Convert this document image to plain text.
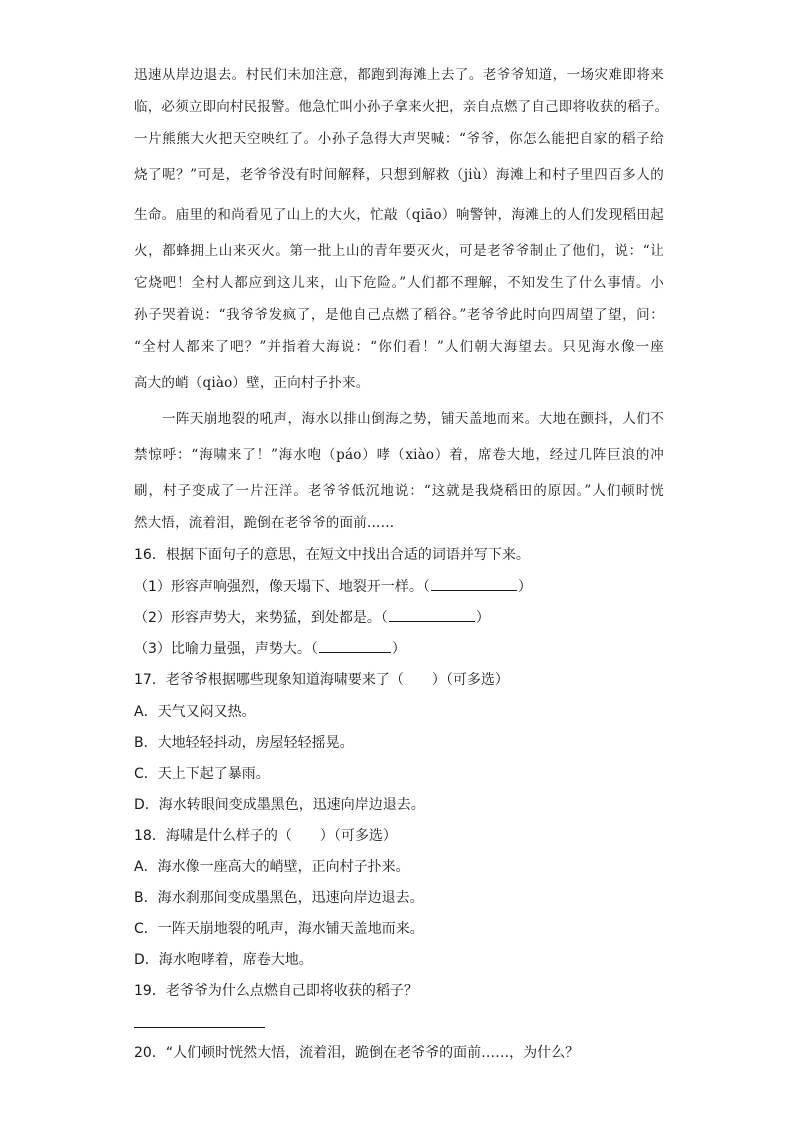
迅速从岸边退去。村民们未加注意，都跑到海滩上去了。老爷爷知道，一场灾难即将来
临，必须立即向村民报警。他急忙叫小孙子拿来火把，亲自点燃了自己即将收获的稻子。
一片熊熊大火把天空映红了。小孙子急得大声哭喊：“爷爷，你怎么能把自家的稻子给
烧了呢？”可是，老爷爷没有时间解释，只想到解救（jiù）海滩上和村子里四百多人的
生命。庙里的和尚看见了山上的大火，忙敲（qiāo）响警钟，海滩上的人们发现稻田起
火，都蜂拥上山来灭火。第一批上山的青年要灭火，可是老爷爷制止了他们，说：“让
它烧吧！全村人都应到这儿来，山下危险。”人们都不理解，不知发生了什么事情。小
孙子哭着说：“我爷爷发疯了，是他自己点燃了稻谷。”老爷爷此时向四周望了望，问：
“全村人都来了吧？”并指着大海说：“你们看！”人们朝大海望去。只见海水像一座
高大的峭（qiào）壁，正向村子扑来。
　　一阵天崩地裂的吼声，海水以排山倒海之势，铺天盖地而来。大地在颤抖，人们不
禁惊呼：“海啸来了！”海水咆（páo）哮（xiào）着，席卷大地，经过几阵巨浪的冲
刷，村子变成了一片汪洋。老爷爷低沉地说：“这就是我烧稻田的原因。”人们顿时恍
然大悟，流着泪，跪倒在老爷爷的面前……
16．根据下面句子的意思，在短文中找出合适的词语并写下来。
（1）形容声响强烈，像天塌下、地裂开一样。（	）
（2）形容声势大，来势猛，到处都是。（	）
（3）比喻力量强，声势大。（	）
17．老爷爷根据哪些现象知道海啸要来了（　　）（可多选）
A．天气又闷又热。
B．大地轻轻抖动，房屋轻轻摇晃。
C．天上下起了暴雨。
D．海水转眼间变成墨黑色，迅速向岸边退去。
18．海啸是什么样子的（　　）（可多选）
A．海水像一座高大的峭壁，正向村子扑来。
B．海水刹那间变成墨黑色，迅速向岸边退去。
C．一阵天崩地裂的吼声，海水铺天盖地而来。
D．海水咆哮着，席卷大地。
19．老爷爷为什么点燃自己即将收获的稻子？
20．“人们顿时恍然大悟，流着泪，跪倒在老爷爷的面前……，为什么？
